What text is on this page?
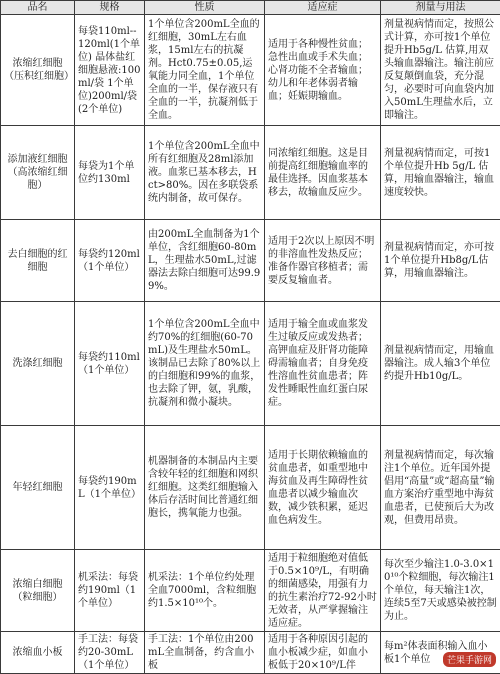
品名	规格	性质	适应症	剂量与用法
浓缩红细胞（压积红细胞）	每袋110ml--120ml(1个单位) 晶体盐红细胞悬液:100ml/袋 1个单位)200ml/袋 (2个单位)	1个单位含200mL全血的红细胞，30mL左右血浆，15ml左右的抗凝剂。Hct0.75±0.05,运氧能力同全血，1个单位全血的一半，保存液只有全血的一半，抗凝剂低于全血。	适用于各种慢性贫血；急性出血或手术失血；心肾功能不全者输血；幼儿和年老体弱者输血；妊娠期输血。	剂量视病情而定，按照公式计算，亦可按1个单位提升Hb5g/L 估算,用双头输血器输注。输注前应反复颠倒血袋，充分混匀，必要时可向血袋内加入50mL生理盐水后，立即输注。
添加液红细胞（高浓缩红细胞）	每袋为1个单位约130ml	1个单位含200mL全血中所有红细胞及28ml添加液。血浆已基本移去，Hct>80%。因在多联袋系统内制备，故可保存。	同浓缩红细胞。这是目前提高红细胞输血率的最佳选择。因血浆基本移去，故输血反应少。	剂量视病情而定，可按1个单位提升Hb 5g/L 估算，用输血器输注，输血速度较快。
去白细胞的红细胞	每袋约120ml（1个单位）	由200mL全血制备为1个单位，含红细胞60-80mL，生理盐水50mL,过滤器法去除白细胞可达99.99%。	适用于2次以上原因不明的非溶血性发热反应；准备作器官移植者；需要反复输血者。	剂量视病情而定，亦可按1个单位提升Hb8g/L估算，用输血器输注。
洗涤红细胞	每袋约110ml（1个单位）	1个单位含200mL全血中约70%的红细胞(60-70mL)及生理盐水50mL。该制品已去除了80%以上的白细胞和99%的血浆，也去除了钾，氨，乳酸，抗凝剂和微小凝块。	适用于输全血或血浆发生过敏反应或发热者；高钾血症及肝肾功能障碍需输血者；自身免疫性溶血性贫血患者；阵发性睡眠性血红蛋白尿症。	剂量视病情而定，用输血器输注。成人输3个单位约提升Hb10g/L。
年轻红细胞	每袋约190mL（1个单位）	机器制备的本制品内主要含较年轻的红细胞和网织红细胞。这类红细胞输入体后存活时间比普通红细胞长，携氧能力也强。	适用于长期依赖输血的贫血患者，如重型地中海贫血及再生障碍性贫血患者以减少输血次数，减少铁积累，延迟血色病发生。	剂量视病情而定，每次输注1个单位。近年国外提倡用“高量”或“超高量”输血方案治疗重型地中海贫血患者，已使预后大为改观，但费用昂贵。
浓缩白细胞（粒细胞）	机采法：每袋约190ml（1个单位）	机采法：1个单位约处理全血7000ml，含粒细胞约1.5×10¹⁰个。	适用于粒细胞绝对值低于0.5×10⁹/L，有明确的细菌感染，用强有力的抗生素治疗72-92小时无效者，从严掌握输注适应症。	每次至少输注1.0-3.0×10¹⁰个粒细胞，每次输注1个单位，每天输注1次，连续5至7天或感染被控制为止。
浓缩血小板	手工法：每袋约20-30mL（1个单位）	手工法：1个单位由200mL全血制备，约含血小板	适用于各种原因引起的血小板减少症，如血小板低于20×10⁹/L伴	每m²体表面积输入血小板1个单位	芒果手游网
